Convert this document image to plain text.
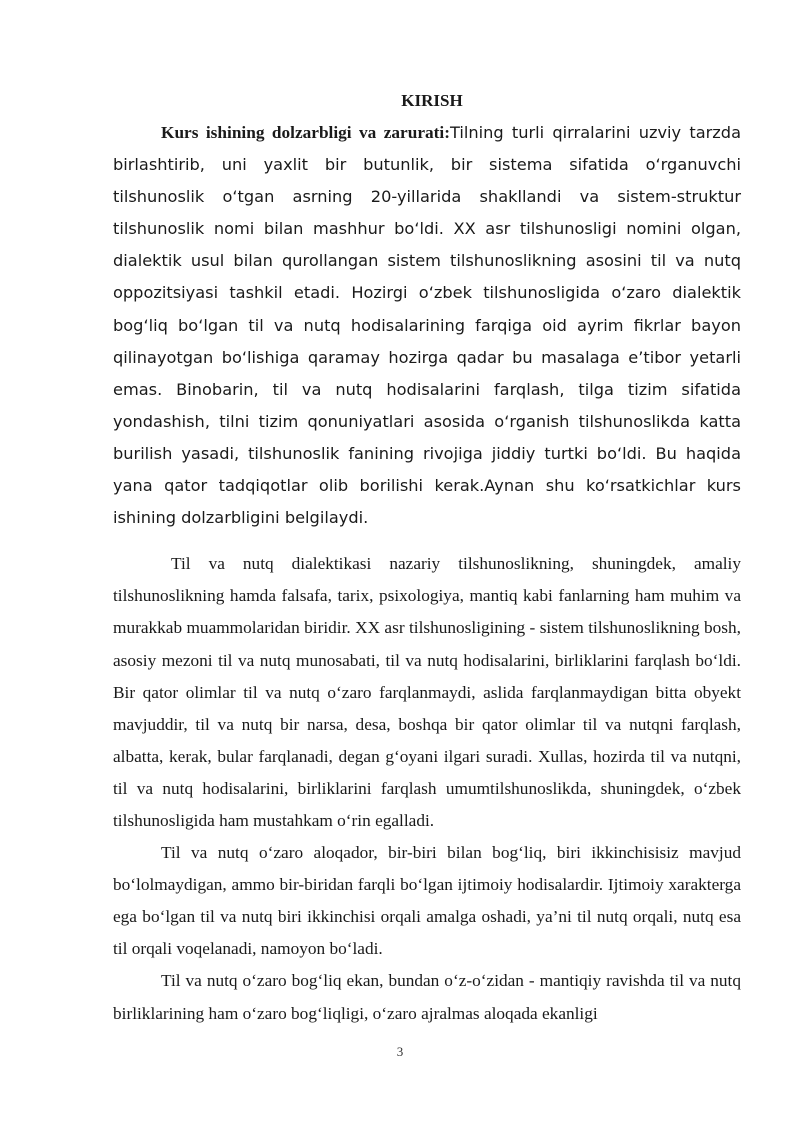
KIRISH

Kurs ishining dolzarbligi va zarurati:Tilning turli qirralarini uzviy tarzda birlashtirib, uni yaxlit bir butunlik, bir sistema sifatida o‘rganuvchi tilshunoslik o‘tgan asrning 20-yillarida shakllandi va sistem-struktur tilshunoslik nomi bilan mashhur bo‘ldi. XX asr tilshunosligi nomini olgan, dialektik usul bilan qurollangan sistem tilshunoslikning asosini til va nutq oppozitsiyasi tashkil etadi. Hozirgi o‘zbek tilshunosligida o‘zaro dialektik bog‘liq bo‘lgan til va nutq hodisalarining farqiga oid ayrim fikrlar bayon qilinayotgan bo‘lishiga qaramay hozirga qadar bu masalaga e’tibor yetarli emas. Binobarin, til va nutq hodisalarini farqlash, tilga tizim sifatida yondashish, tilni tizim qonuniyatlari asosida o‘rganish tilshunoslikda katta burilish yasadi, tilshunoslik fanining rivojiga jiddiy turtki bo‘ldi. Bu haqida yana qator tadqiqotlar olib borilishi kerak.Aynan shu ko‘rsatkichlar kurs ishining dolzarbligini belgilaydi.

Til va nutq dialektikasi nazariy tilshunoslikning, shuningdek, amaliy tilshunoslikning hamda falsafa, tarix, psixologiya, mantiq kabi fanlarning ham muhim va murakkab muammolaridan biridir. XX asr tilshunosligining - sistem tilshunoslikning bosh, asosiy mezoni til va nutq munosabati, til va nutq hodisalarini, birliklarini farqlash bo‘ldi. Bir qator olimlar til va nutq o‘zaro farqlanmaydi, aslida farqlanmaydigan bitta obyekt mavjuddir, til va nutq bir narsa, desa, boshqa bir qator olimlar til va nutqni farqlash, albatta, kerak, bular farqlanadi, degan g‘oyani ilgari suradi. Xullas, hozirda til va nutqni, til va nutq hodisalarini, birliklarini farqlash umumtilshunoslikda, shuningdek, o‘zbek tilshunosligida ham mustahkam o‘rin egalladi.

Til va nutq o‘zaro aloqador, bir-biri bilan bog‘liq, biri ikkinchisisiz mavjud bo‘lolmaydigan, ammo bir-biridan farqli bo‘lgan ijtimoiy hodisalardir. Ijtimoiy xarakterga ega bo‘lgan til va nutq biri ikkinchisi orqali amalga oshadi, ya’ni til nutq orqali, nutq esa til orqali voqelanadi, namoyon bo‘ladi.

Til va nutq o‘zaro bog‘liq ekan, bundan o‘z-o‘zidan - mantiqiy ravishda til va nutq birliklarining ham o‘zaro bog‘liqligi, o‘zaro ajralmas aloqada ekanligi

3
